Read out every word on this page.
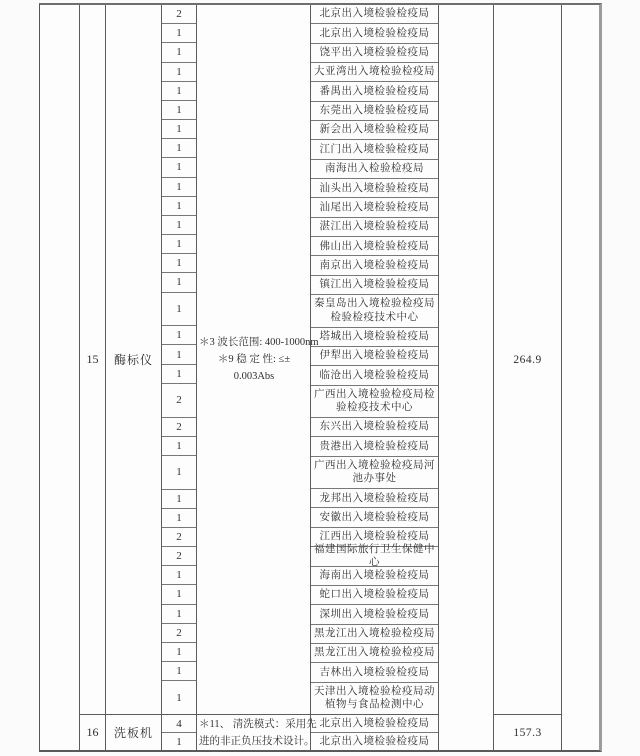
15	酶标仪
2
1
1
1
1
1
1
1
1
1
1
1
1
1
1
1
1
1
1
2
2
1
1
1
1
2
2
1
1
1
2
1
1
1
＊3 波长范围: 400-1000nm
＊9 稳 定 性: ≤±
0.003Abs
北京出入境检验检疫局
北京出入境检验检疫局
饶平出入境检验检疫局
大亚湾出入境检验检疫局
番禺出入境检验检疫局
东莞出入境检验检疫局
新会出入境检验检疫局
江门出入境检验检疫局
南海出入检验检疫局
汕头出入境检验检疫局
汕尾出入境检验检疫局
湛江出入境检验检疫局
佛山出入境检验检疫局
南京出入境检验检疫局
镇江出入境检验检疫局
秦皇岛出入境检验检疫局检验检疫技术中心
塔城出入境检验检疫局
伊犁出入境检验检疫局
临沧出入境检验检疫局
广西出入境检验检疫局检验检疫技术中心
东兴出入境检验检疫局
贵港出入境检验检疫局
广西出入境检验检疫局河池办事处
龙邦出入境检验检疫局
安徽出入境检验检疫局
江西出入境检验检疫局
福建国际旅行卫生保健中心
海南出入境检验检疫局
蛇口出入境检验检疫局
深圳出入境检验检疫局
黑龙江出入境检验检疫局
黑龙江出入境检验检疫局
吉林出入境检验检疫局
天津出入境检验检疫局动植物与食品检测中心
264.9
16	洗板机
4
1
＊11、 清洗模式：采用先
进的非正负压技术设计。
北京出入境检验检疫局
北京出入境检验检疫局
157.3
